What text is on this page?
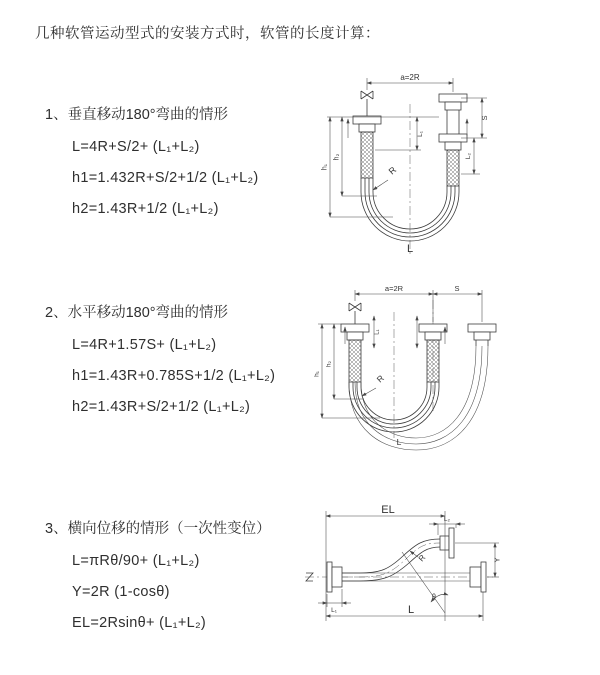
几种软管运动型式的安装方式时，软管的长度计算：
1、垂直移动180°弯曲的情形
L=4R+S/2+ (L₁+L₂)
h1=1.432R+S/2+1/2 (L₁+L₂)
h2=1.43R+1/2 (L₁+L₂)
2、水平移动180°弯曲的情形
L=4R+1.57S+ (L₁+L₂)
h1=1.43R+0.785S+1/2 (L₁+L₂)
h2=1.43R+S/2+1/2 (L₁+L₂)
3、横向位移的情形（一次性变位）
L=πRθ/90+ (L₁+L₂)
Y=2R (1-cosθ)
EL=2Rsinθ+ (L₁+L₂)
a=2R
h₁
h₂
L₁
S
L₂
R
L
a=2R	S
h₁
h₂
L₁
R
L
EL
L₂
Y
θ
R
L₁	L
